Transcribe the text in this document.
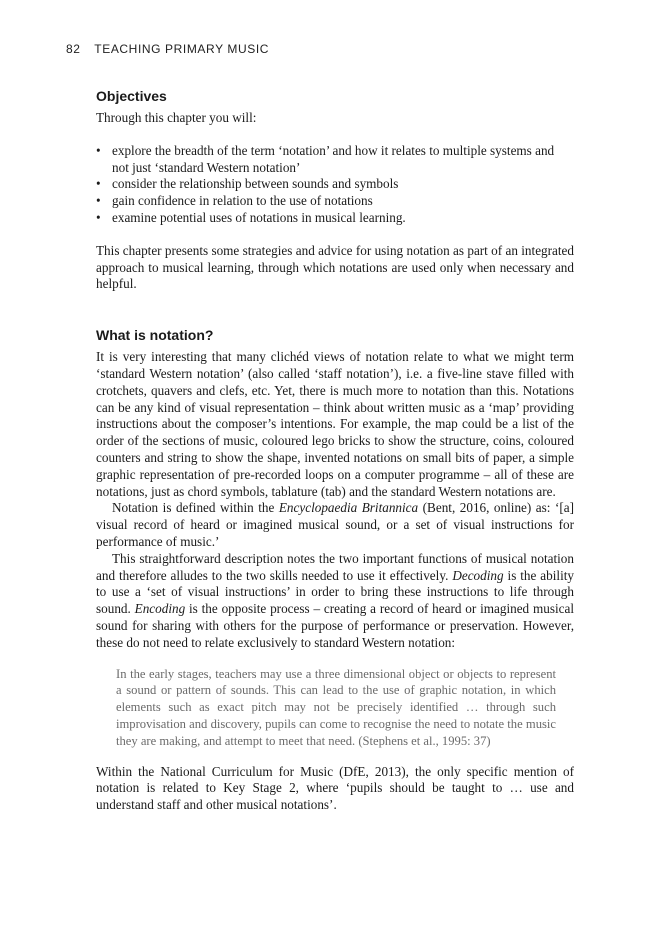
82 TEACHING PRIMARY MUSIC
Objectives

Through this chapter you will:

• explore the breadth of the term ‘notation’ and how it relates to multiple systems and not just ‘standard Western notation’
• consider the relationship between sounds and symbols
• gain confidence in relation to the use of notations
• examine potential uses of notations in musical learning.

This chapter presents some strategies and advice for using notation as part of an integrated approach to musical learning, through which notations are used only when necessary and helpful.

What is notation?

It is very interesting that many clichéd views of notation relate to what we might term ‘standard Western notation’ (also called ‘staff notation’), i.e. a five-line stave filled with crotchets, quavers and clefs, etc. Yet, there is much more to notation than this. Notations can be any kind of visual representation – think about written music as a ‘map’ providing instructions about the composer’s intentions. For example, the map could be a list of the order of the sections of music, coloured lego bricks to show the structure, coins, coloured counters and string to show the shape, invented notations on small bits of paper, a simple graphic representation of pre-recorded loops on a computer programme – all of these are notations, just as chord symbols, tablature (tab) and the standard Western notations are.

Notation is defined within the Encyclopaedia Britannica (Bent, 2016, online) as: ‘[a] visual record of heard or imagined musical sound, or a set of visual instructions for performance of music.’

This straightforward description notes the two important functions of musical notation and therefore alludes to the two skills needed to use it effectively. Decoding is the ability to use a ‘set of visual instructions’ in order to bring these instructions to life through sound. Encoding is the opposite process – creating a record of heard or imagined musical sound for sharing with others for the purpose of performance or preservation. However, these do not need to relate exclusively to standard Western notation:

In the early stages, teachers may use a three dimensional object or objects to represent a sound or pattern of sounds. This can lead to the use of graphic notation, in which elements such as exact pitch may not be precisely identified … through such improvisation and discovery, pupils can come to recognise the need to notate the music they are making, and attempt to meet that need. (Stephens et al., 1995: 37)

Within the National Curriculum for Music (DfE, 2013), the only specific mention of notation is related to Key Stage 2, where ‘pupils should be taught to … use and understand staff and other musical notations’.
